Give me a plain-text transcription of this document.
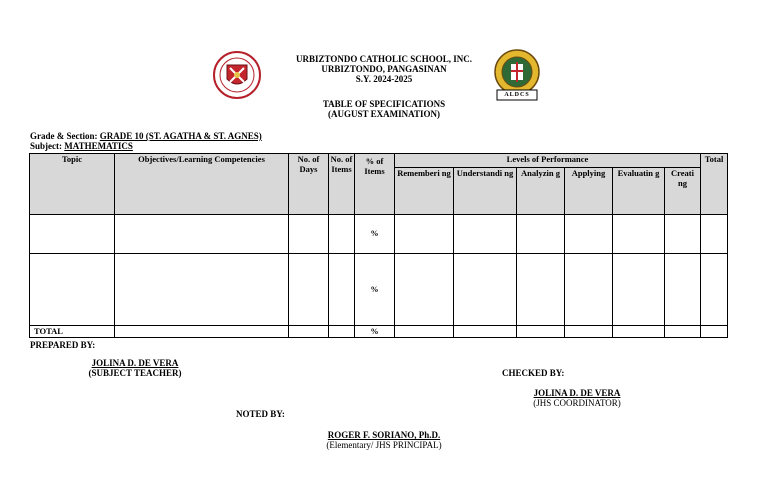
ALDCS
URBIZTONDO CATHOLIC SCHOOL, INC.
URBIZTONDO, PANGASINAN
S.Y. 2024-2025
TABLE OF SPECIFICATIONS
(AUGUST EXAMINATION)
Grade & Section: GRADE 10 (ST. AGATHA & ST. AGNES)
Subject: MATHEMATICS
Topic	Objectives/Learning Competencies	No. of Days	No. of Items	% of Items	Levels of Performance						Total
					Rememberi ng	Understandi ng	Analyzin g	Applying	Evaluatin g	Creati ng	
				%							
				%							
TOTAL				%							
PREPARED BY:
JOLINA D. DE VERA
(SUBJECT TEACHER)	CHECKED BY:
JOLINA D. DE VERA
(JHS COORDINATOR)
NOTED BY:
ROGER F. SORIANO, Ph.D.
(Elementary/ JHS PRINCIPAL)
